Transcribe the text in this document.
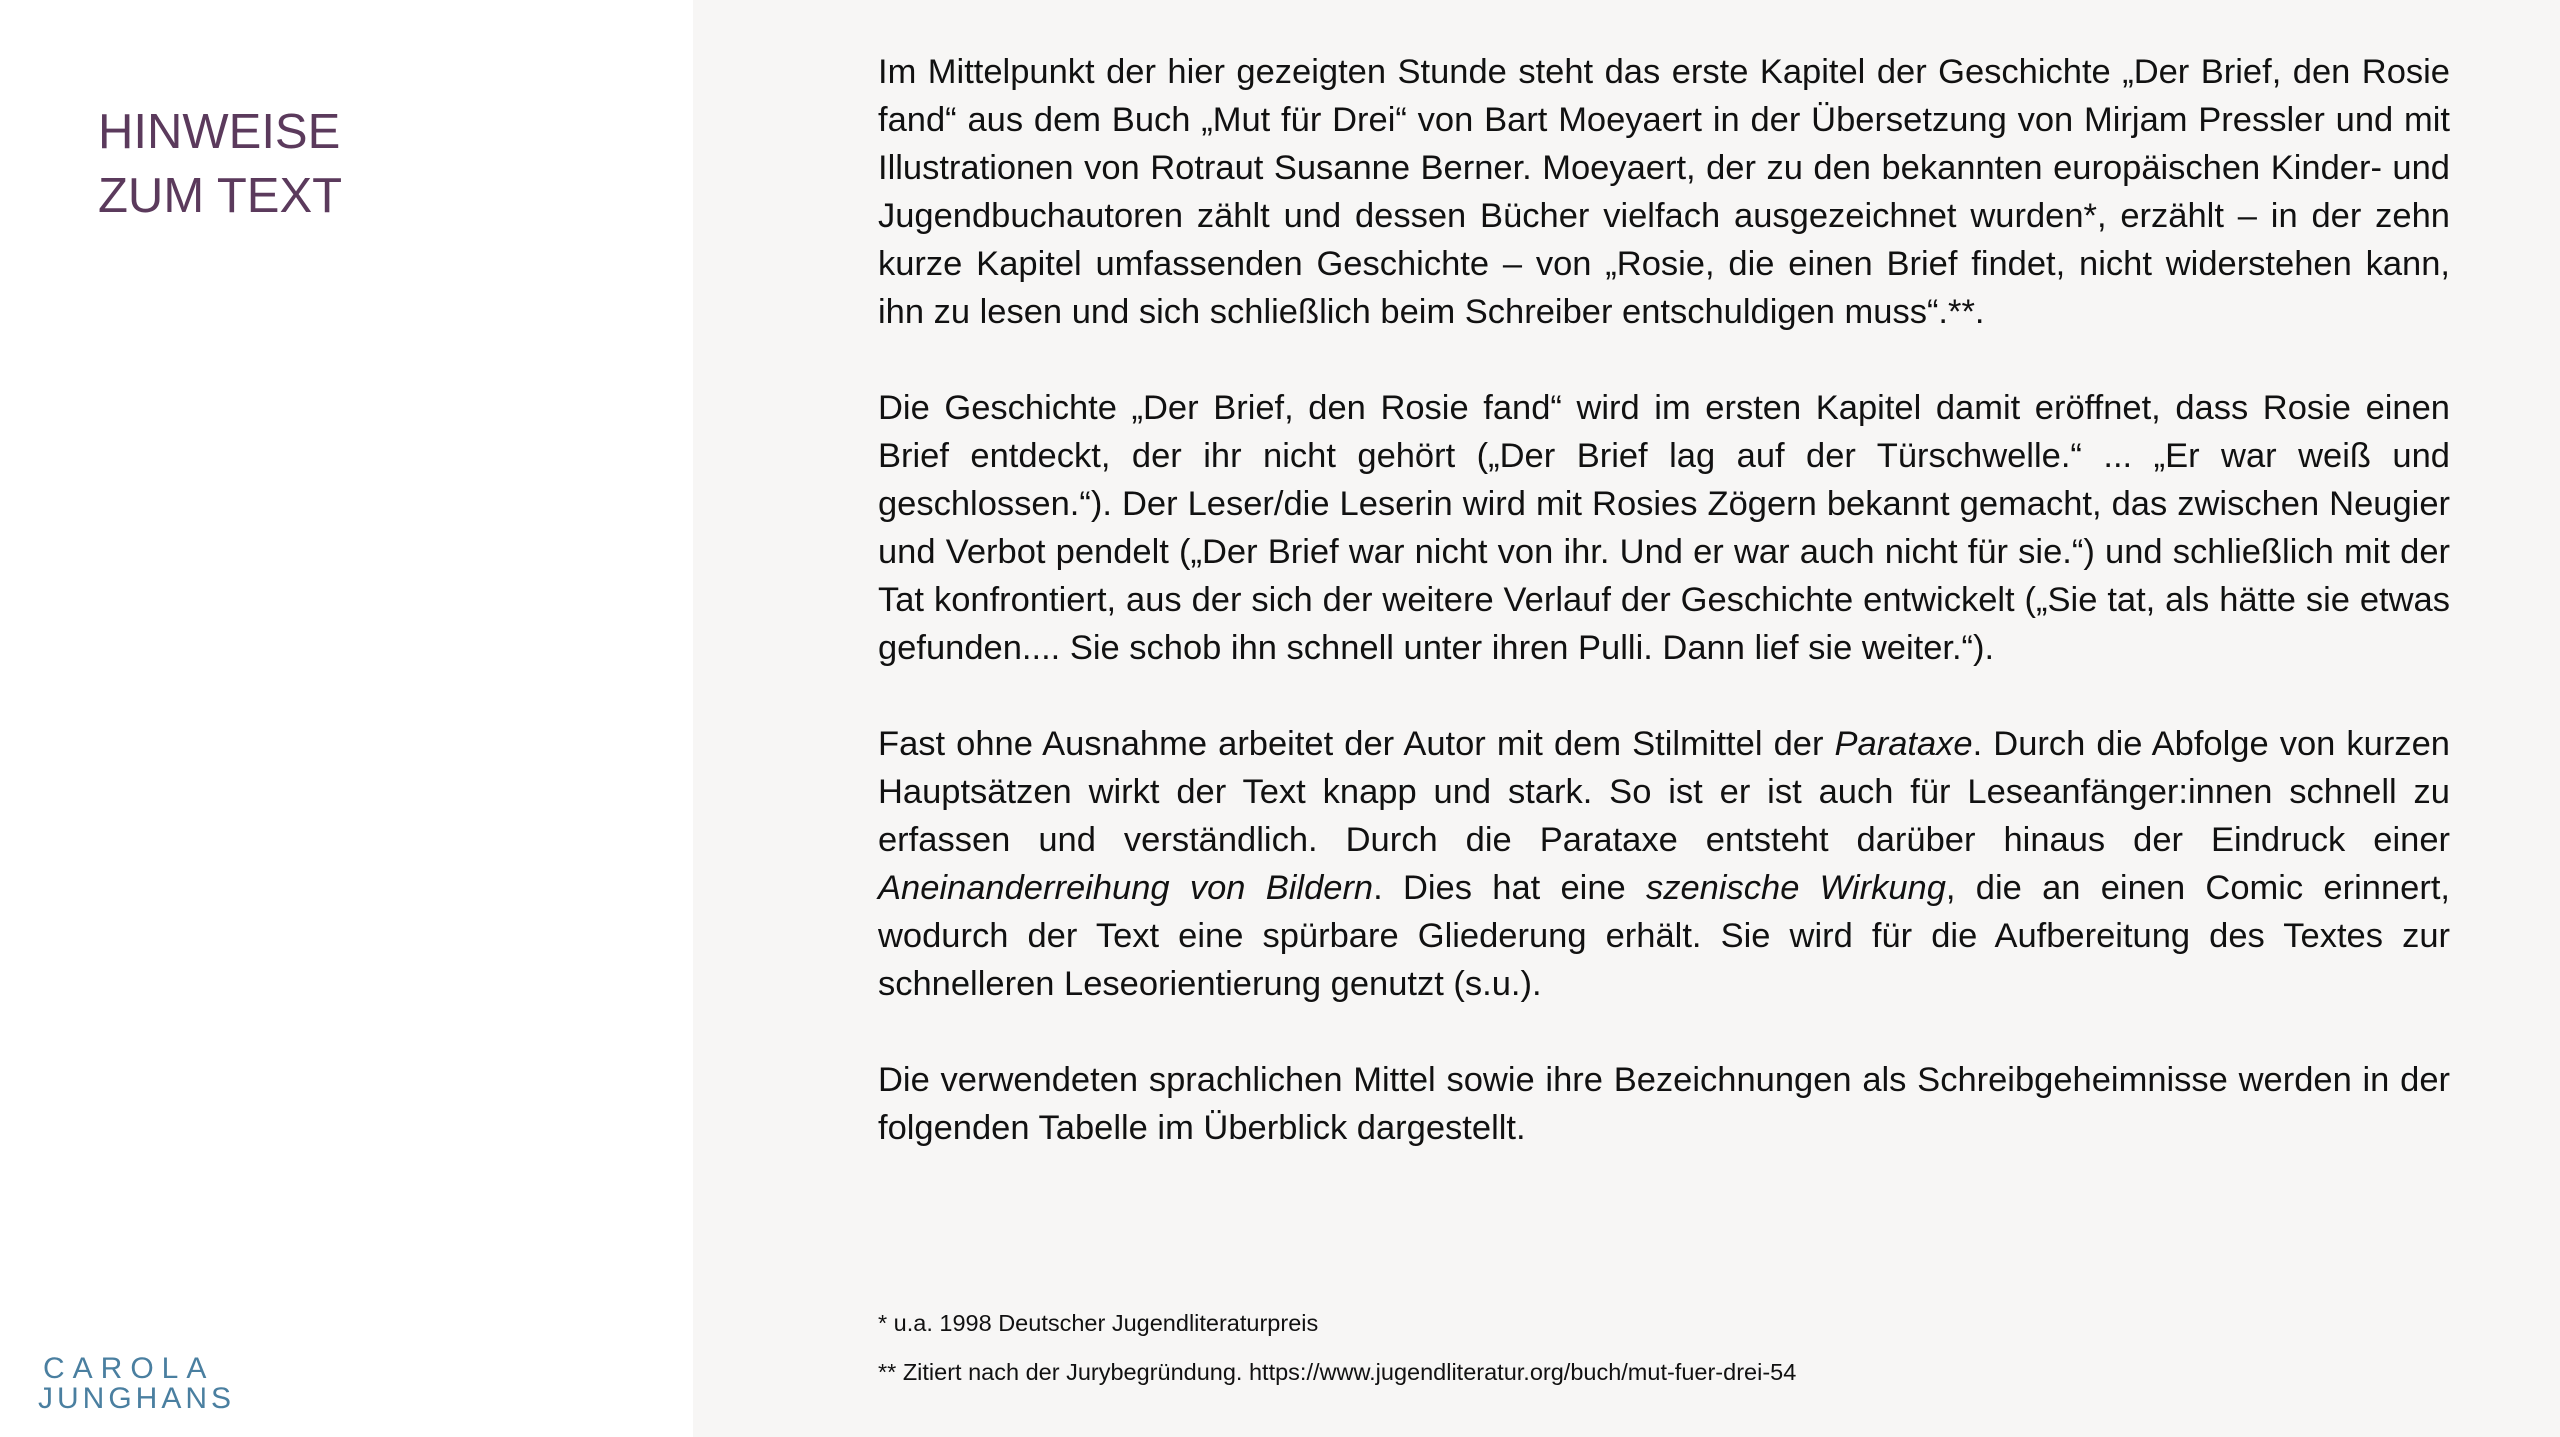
HINWEISE
ZUM TEXT
CAROLA
JUNGHANS

Im Mittelpunkt der hier gezeigten Stunde steht das erste Kapitel der Geschichte „Der Brief, den Rosie fand“ aus dem Buch „Mut für Drei“ von Bart Moeyaert in der Übersetzung von Mirjam Pressler und mit Illustrationen von Rotraut Susanne Berner. Moeyaert, der zu den bekannten europäischen Kinder- und Jugendbuchautoren zählt und dessen Bücher vielfach ausgezeichnet wurden*, erzählt – in der zehn kurze Kapitel umfassenden Geschichte – von „Rosie, die einen Brief findet, nicht widerstehen kann, ihn zu lesen und sich schließlich beim Schreiber entschuldigen muss“.**.

Die Geschichte „Der Brief, den Rosie fand“ wird im ersten Kapitel damit eröffnet, dass Rosie einen Brief entdeckt, der ihr nicht gehört („Der Brief lag auf der Türschwelle.“ ... „Er war weiß und geschlossen.“). Der Leser/die Leserin wird mit Rosies Zögern bekannt gemacht, das zwischen Neugier und Verbot pendelt („Der Brief war nicht von ihr. Und er war auch nicht für sie.“) und schließlich mit der Tat konfrontiert, aus der sich der weitere Verlauf der Geschichte entwickelt („Sie tat, als hätte sie etwas gefunden.... Sie schob ihn schnell unter ihren Pulli. Dann lief sie weiter.“).

Fast ohne Ausnahme arbeitet der Autor mit dem Stilmittel der Parataxe. Durch die Abfolge von kurzen Hauptsätzen wirkt der Text knapp und stark. So ist er ist auch für Leseanfänger:innen schnell zu erfassen und verständlich. Durch die Parataxe entsteht darüber hinaus der Eindruck einer Aneinanderreihung von Bildern. Dies hat eine szenische Wirkung, die an einen Comic erinnert, wodurch der Text eine spürbare Gliederung erhält. Sie wird für die Aufbereitung des Textes zur schnelleren Leseorientierung genutzt (s.u.).

Die verwendeten sprachlichen Mittel sowie ihre Bezeichnungen als Schreibgeheimnisse werden in der folgenden Tabelle im Überblick dargestellt.

* u.a. 1998 Deutscher Jugendliteraturpreis

** Zitiert nach der Jurybegründung. https://www.jugendliteratur.org/buch/mut-fuer-drei-54
